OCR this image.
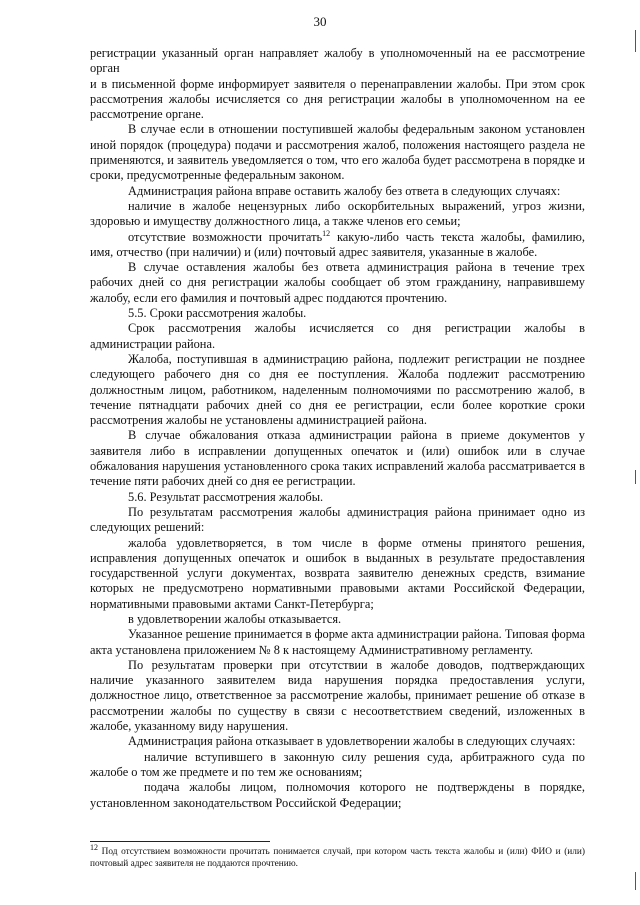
30

регистрации указанный орган направляет жалобу в уполномоченный на ее рассмотрение орган

и в письменной форме информирует заявителя о перенаправлении жалобы. При этом срок рассмотрения жалобы исчисляется со дня регистрации жалобы в уполномоченном на ее рассмотрение органе.

В случае если в отношении поступившей жалобы федеральным законом установлен иной порядок (процедура) подачи и рассмотрения жалоб, положения настоящего раздела не применяются, и заявитель уведомляется о том, что его жалоба будет рассмотрена в порядке и сроки, предусмотренные федеральным законом.

Администрация района вправе оставить жалобу без ответа в следующих случаях:

наличие в жалобе нецензурных либо оскорбительных выражений, угроз жизни, здоровью и имуществу должностного лица, а также членов его семьи;

отсутствие возможности прочитать$^{12}$ какую-либо часть текста жалобы, фамилию, имя, отчество (при наличии) и (или) почтовый адрес заявителя, указанные в жалобе.

В случае оставления жалобы без ответа администрация района в течение трех рабочих дней со дня регистрации жалобы сообщает об этом гражданину, направившему жалобу, если его фамилия и почтовый адрес поддаются прочтению.

5.5. Сроки рассмотрения жалобы.

Срок рассмотрения жалобы исчисляется со дня регистрации жалобы в администрации района.

Жалоба, поступившая в администрацию района, подлежит регистрации не позднее следующего рабочего дня со дня ее поступления. Жалоба подлежит рассмотрению должностным лицом, работником, наделенным полномочиями по рассмотрению жалоб, в течение пятнадцати рабочих дней со дня ее регистрации, если более короткие сроки рассмотрения жалобы не установлены администрацией района.

В случае обжалования отказа администрации района в приеме документов у заявителя либо в исправлении допущенных опечаток и (или) ошибок или в случае обжалования нарушения установленного срока таких исправлений жалоба рассматривается в течение пяти рабочих дней со дня ее регистрации.

5.6. Результат рассмотрения жалобы.

По результатам рассмотрения жалобы администрация района принимает одно из следующих решений:

жалоба удовлетворяется, в том числе в форме отмены принятого решения, исправления допущенных опечаток и ошибок в выданных в результате предоставления государственной услуги документах, возврата заявителю денежных средств, взимание которых не предусмотрено нормативными правовыми актами Российской Федерации, нормативными правовыми актами Санкт-Петербурга;

в удовлетворении жалобы отказывается.

Указанное решение принимается в форме акта администрации района. Типовая форма акта установлена приложением № 8 к настоящему Административному регламенту.

По результатам проверки при отсутствии в жалобе доводов, подтверждающих наличие указанного заявителем вида нарушения порядка предоставления услуги, должностное лицо, ответственное за рассмотрение жалобы, принимает решение об отказе в рассмотрении жалобы по существу в связи с несоответствием сведений, изложенных в жалобе, указанному виду нарушения.

Администрация района отказывает в удовлетворении жалобы в следующих случаях:

наличие вступившего в законную силу решения суда, арбитражного суда по жалобе о том же предмете и по тем же основаниям;

подача жалобы лицом, полномочия которого не подтверждены в порядке, установленном законодательством Российской Федерации;

$^{12}$ Под отсутствием возможности прочитать понимается случай, при котором часть текста жалобы и (или) ФИО и (или) почтовый адрес заявителя не поддаются прочтению.
